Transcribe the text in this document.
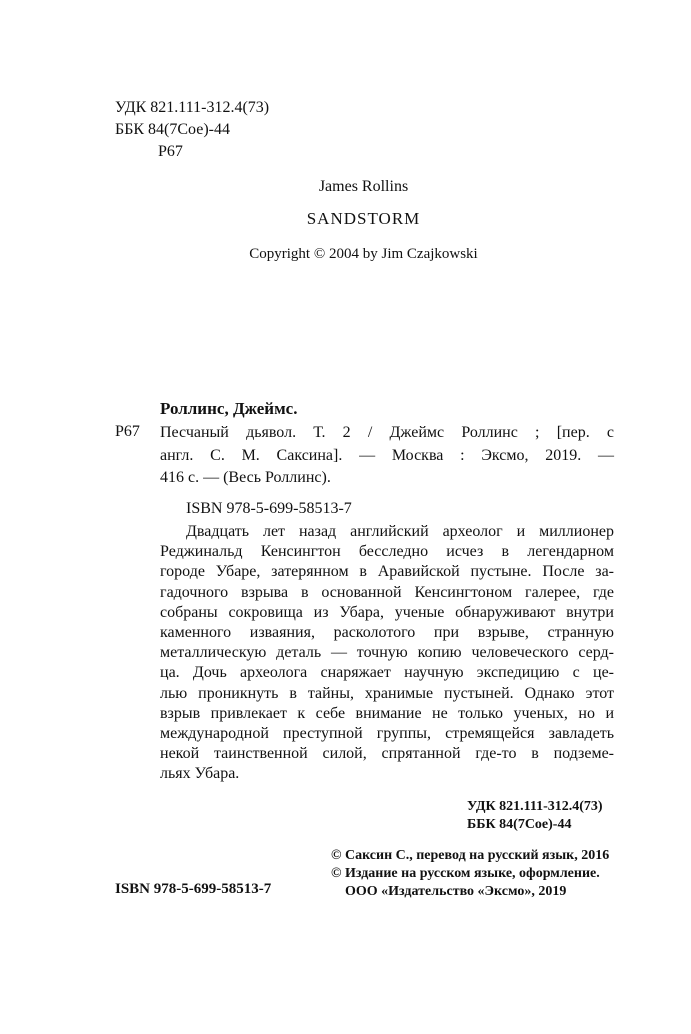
УДК 821.111-312.4(73)
ББК 84(7Сое)-44
Р67
James Rollins
SANDSTORM
Copyright © 2004 by Jim Czajkowski
Роллинс, Джеймс.
Р67 Песчаный дьявол. Т. 2 / Джеймс Роллинс ; [пер. с

англ. С. М. Саксина]. — Москва : Эксмо, 2019. —

416 с. — (Весь Роллинс).

ISBN 978-5-699-58513-7
Двадцать лет назад английский археолог и миллионер
Реджинальд Кенсингтон бесследно исчез в легендарном
городе Убаре, затерянном в Аравийской пустыне. После за-
гадочного взрыва в основанной Кенсингтоном галерее, где
собраны сокровища из Убара, ученые обнаруживают внутри
каменного изваяния, расколотого при взрыве, странную
металлическую деталь — точную копию человеческого серд-
ца. Дочь археолога снаряжает научную экспедицию с це-
лью проникнуть в тайны, хранимые пустыней. Однако этот
взрыв привлекает к себе внимание не только ученых, но и
международной преступной группы, стремящейся завладеть
некой таинственной силой, спрятанной где-то в подземе-
льях Убара.
УДК 821.111-312.4(73)
ББК 84(7Сое)-44
ISBN 978-5-699-58513-7
© Саксин С., перевод на русский язык, 2016
© Издание на русском языке, оформление.
ООО «Издательство «Эксмо», 2019
